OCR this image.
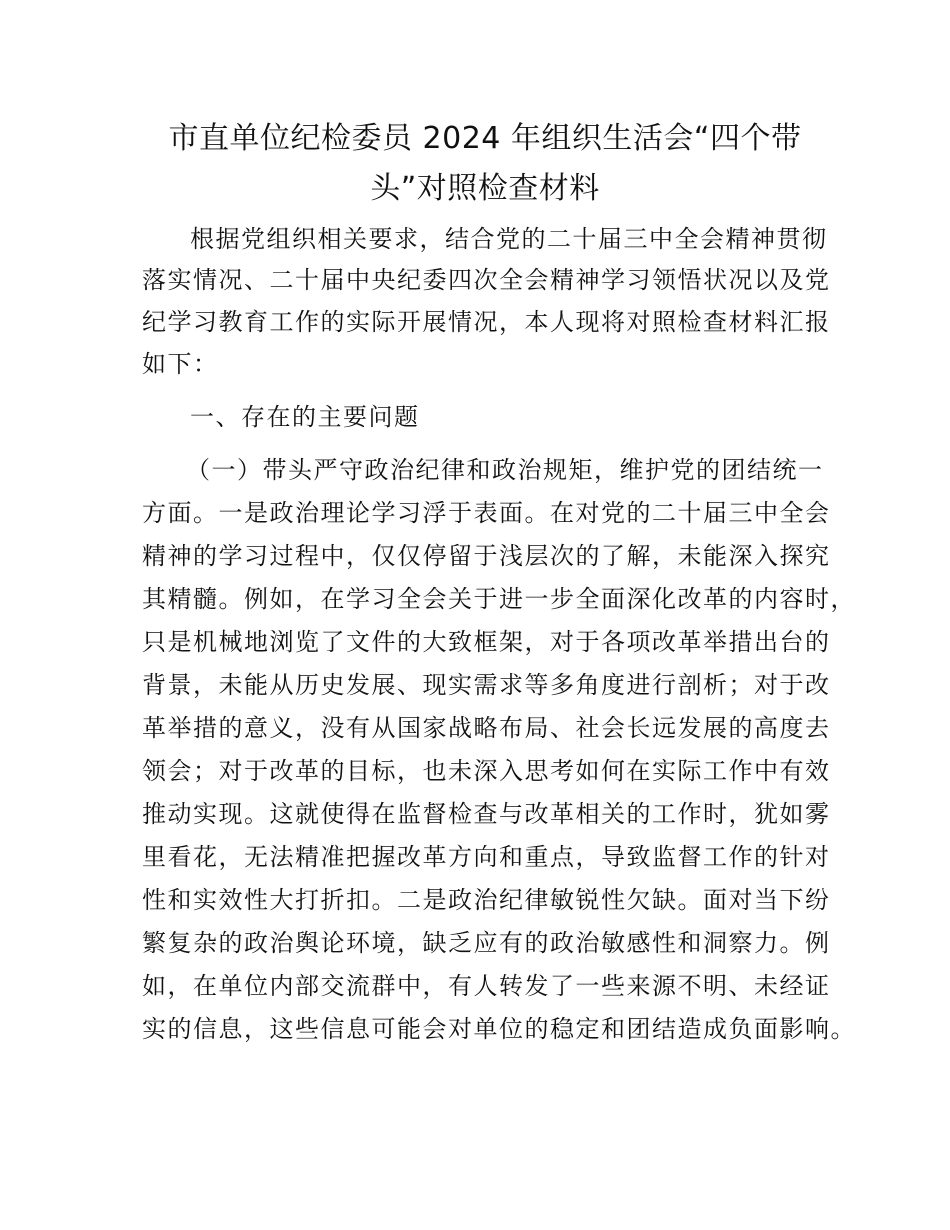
市直单位纪检委员 2024 年组织生活会“四个带
头”对照检查材料
根据党组织相关要求，结合党的二十届三中全会精神贯彻
落实情况、二十届中央纪委四次全会精神学习领悟状况以及党
纪学习教育工作的实际开展情况，本人现将对照检查材料汇报
如下：
一、存在的主要问题
（一）带头严守政治纪律和政治规矩，维护党的团结统一
方面。一是政治理论学习浮于表面。在对党的二十届三中全会
精神的学习过程中，仅仅停留于浅层次的了解，未能深入探究
其精髓。例如，在学习全会关于进一步全面深化改革的内容时，
只是机械地浏览了文件的大致框架，对于各项改革举措出台的
背景，未能从历史发展、现实需求等多角度进行剖析；对于改
革举措的意义，没有从国家战略布局、社会长远发展的高度去
领会；对于改革的目标，也未深入思考如何在实际工作中有效
推动实现。这就使得在监督检查与改革相关的工作时，犹如雾
里看花，无法精准把握改革方向和重点，导致监督工作的针对
性和实效性大打折扣。二是政治纪律敏锐性欠缺。面对当下纷
繁复杂的政治舆论环境，缺乏应有的政治敏感性和洞察力。例
如，在单位内部交流群中，有人转发了一些来源不明、未经证
实的信息，这些信息可能会对单位的稳定和团结造成负面影响。
